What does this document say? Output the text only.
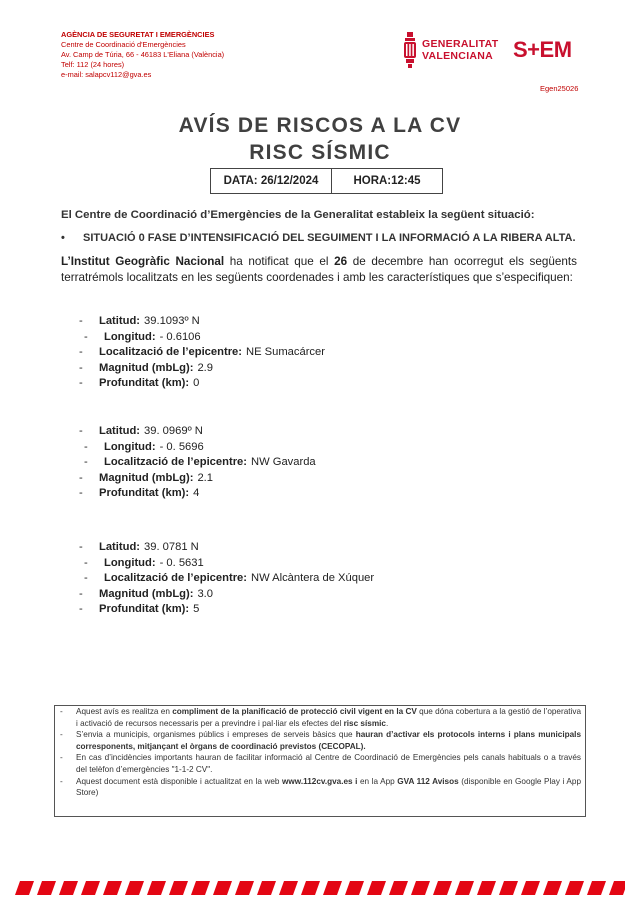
AGÈNCIA DE SEGURETAT I EMERGÈNCIES
Centre de Coordinació d'Emergències
Av. Camp de Túria, 66 - 46183 L'Eliana (València)
Telf: 112 (24 hores)
e-mail: salapcv112@gva.es
GENERALITAT
VALENCIANA S+EM
Egen25026
AVÍS DE RISCOS A LA CV
RISC SÍSMIC
DATA: 26/12/2024	HORA:12:45
El Centre de Coordinació d’Emergències de la Generalitat estableix la següent situació:
•	SITUACIÓ 0 FASE D’INTENSIFICACIÓ DEL SEGUIMENT I LA INFORMACIÓ A LA RIBERA ALTA.
L’Institut Geogràfic Nacional ha notificat que el 26 de decembre han ocorregut els següents terratrémols localitzats en les següents coordenades i amb les característiques que s’especifiquen:
-	Latitud: 39.1093º N
-	Longitud: - 0.6106
-	Localització de l’epicentre: NE Sumacárcer
-	Magnitud (mbLg): 2.9
-	Profunditat (km): 0
-	Latitud: 39. 0969º N
-	Longitud: - 0. 5696
-	Localització de l’epicentre: NW Gavarda
-	Magnitud (mbLg): 2.1
-	Profunditat (km): 4
-	Latitud: 39. 0781 N
-	Longitud: - 0. 5631
-	Localització de l’epicentre: NW Alcàntera de Xúquer
-	Magnitud (mbLg): 3.0
-	Profunditat (km): 5
-	Aquest avís es realitza en compliment de la planificació de protecció civil vigent en la CV que dóna cobertura a la gestió de l’operativa i activació de recursos necessaris per a previndre i pal·liar els efectes del risc sísmic.
-	S’envia a municipis, organismes públics i empreses de serveis bàsics que hauran d’activar els protocols interns i plans municipals corresponents, mitjançant el òrgans de coordinació previstos (CECOPAL).
-	En cas d’incidències importants hauran de facilitar informació al Centre de Coordinació de Emergències pels canals habituals o a través del telèfon d’emergències "1-1-2 CV".
-	Aquest document està disponible i actualitzat en la web www.112cv.gva.es i en la App GVA 112 Avisos (disponible en Google Play i App Store)
